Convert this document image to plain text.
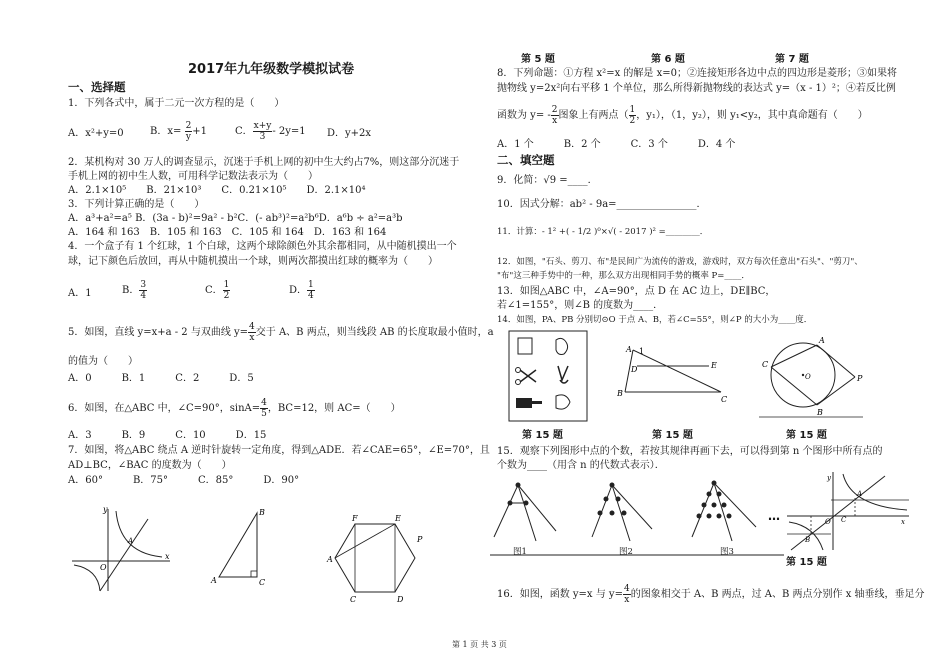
2017年九年级数学模拟试卷
一、选择题
1．下列各式中，属于二元一次方程的是（　　）
A．x²+y=0	B．$x= \frac{2}{y} +1$	C． $\frac{x+y}{3} - 2y=1$ D．y+2x
2．某机构对 30 万人的调查显示，沉迷于手机上网的初中生大约占7%，则这部分沉迷于
手机上网的初中生人数，可用科学记数法表示为（　　）
A．2.1×10⁵　　B．21×10³　　C．0.21×10⁵　　D．2.1×10⁴
3．下列计算正确的是（　　）
A．a³+a²=a⁵ B．(3a - b)²=9a² - b²C．(- ab³)²=a²b⁶D．a⁶b ÷ a²=a³b
A．164 和 163　B．105 和 163　C．105 和 164　D．163 和 164
4．一个盒子有 1 个红球，1 个白球，这两个球除颜色外其余都相同，从中随机摸出一个
球，记下颜色后放回，再从中随机摸出一个球，则两次都摸出红球的概率为（　　）
A．1	B． $\frac{3}{4}$	C． $\frac{1}{2}$	D． $\frac{1}{4}$
5．如图，直线 y=x+a - 2 与双曲线 $y= \frac{4}{x}$ 交于 A、B 两点，则当线段 AB 的长度取最小值时，a
的值为（　　）
A．0　　　B．1　　　C．2　　　D．5
6．如图，在△ABC 中，∠C=90°，$\sin A= \frac{4}{5}$ ，BC=12，则 AC=（　　）
A．3　　　B．9　　　C．10　　　D．15
7．如图，将△ABC 绕点 A 逆时针旋转一定角度，得到△ADE．若∠CAE=65°，∠E=70°，且
AD⊥BC，∠BAC 的度数为（　　）
A．60°　　　B．75°　　　C．85°　　　D．90°
y
x
O
A
A
B
C
F	E
A
P
C	D
第 5 题	第 6 题	第 7 题
8．下列命题：①方程 x²=x 的解是 x=0；②连接矩形各边中点的四边形是菱形；③如果将
抛物线 y=2x²向右平移 1 个单位，那么所得新抛物线的表达式 y=（x - 1）²；④若反比例
函数为 $y= - \frac{2}{x}$ 图象上有两点（ $\frac{1}{2}$ ，y₁），（1，y₂），则 y₁<y₂，其中真命题有（　　）
A．1 个　　　B．2 个　　　C．3 个　　　D．4 个
二、填空题
9．化简：√9 =____．
10．因式分解：ab² - 9a=________________．
11．计算：- 1² +( - 1/2 )⁰×√( - 2017 )² =________．
12．如图，"石头、剪刀、布"是民间广为流传的游戏，游戏时，双方每次任意出"石头"、"剪刀"、
"布"这三种手势中的一种，那么双方出现相同手势的概率 P=____．
13．如图△ABC 中，∠A=90°，点 D 在 AC 边上，DE∥BC，
若∠1=155°，则∠B 的度数为____．
14．如图，PA、PB 分别切⊙O 于点 A、B，若∠C=55°，则∠P 的大小为____度．
A 1
D	E
B
C
C
O
A
B
P
第 15 题	第 15 题	第 15 题
15．观察下列图形中点的个数，若按其规律再画下去，可以得到第 n 个图形中所有点的
个数为____（用含 n 的代数式表示）．
图1	图2	图3
…
y
A
x
O
B
C
第 15 题
16．如图，函数 y=x 与 $y= \frac{4}{x}$ 的图象相交于 A、B 两点，过 A、B 两点分别作 x 轴垂线，垂足分
第 1 页 共 3 页
